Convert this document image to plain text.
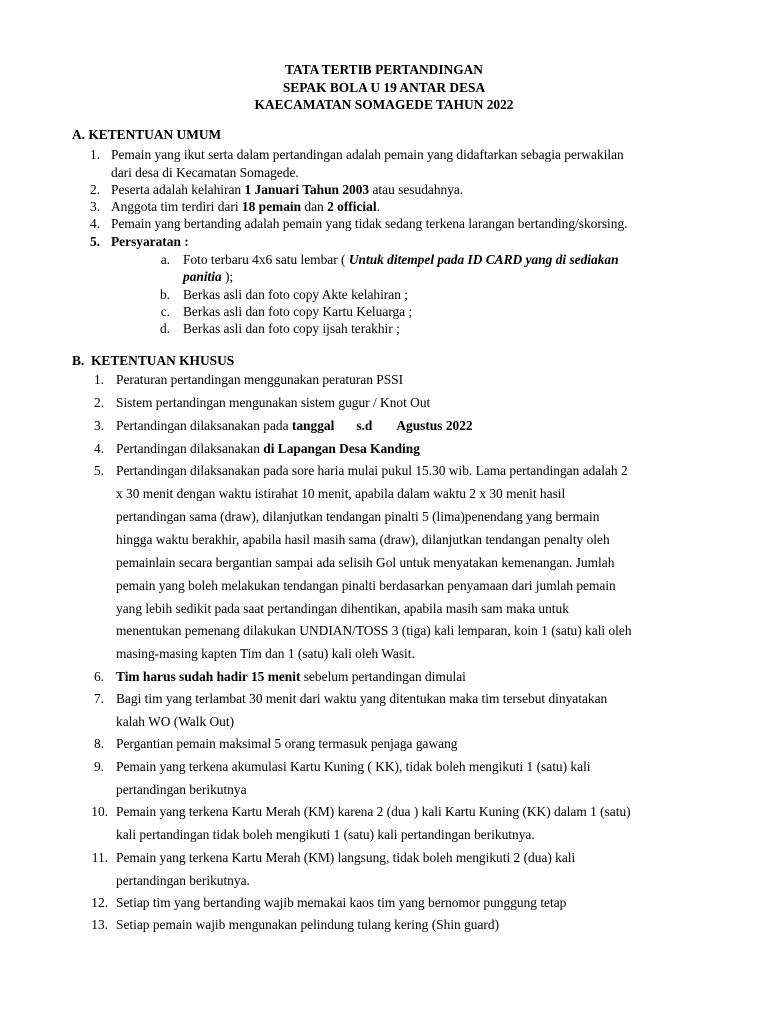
TATA TERTIB PERTANDINGAN
SEPAK BOLA U 19 ANTAR DESA
KAECAMATAN SOMAGEDE TAHUN 2022
A. KETENTUAN UMUM
1. Pemain yang ikut serta dalam pertandingan adalah pemain yang didaftarkan sebagia perwakilan
dari desa di Kecamatan Somagede.
2. Peserta adalah kelahiran 1 Januari Tahun 2003 atau sesudahnya.
3. Anggota tim terdiri dari 18 pemain dan 2 official.
4. Pemain yang bertanding adalah pemain yang tidak sedang terkena larangan bertanding/skorsing.
5. Persyaratan :
a. Foto terbaru 4x6 satu lembar ( Untuk ditempel pada ID CARD yang di sediakan
panitia );
b. Berkas asli dan foto copy Akte kelahiran ;
c. Berkas asli dan foto copy Kartu Keluarga ;
d. Berkas asli dan foto copy ijsah terakhir ;
B.  KETENTUAN KHUSUS
1. Peraturan pertandingan menggunakan peraturan PSSI
2. Sistem pertandingan mengunakan sistem gugur / Knot Out
3. Pertandingan dilaksanakan pada tanggal s.d Agustus 2022
4. Pertandingan dilaksanakan di Lapangan Desa Kanding
5. Pertandingan dilaksanakan pada sore haria mulai pukul 15.30 wib. Lama pertandingan adalah 2
x 30 menit dengan waktu istirahat 10 menit, apabila dalam waktu 2 x 30 menit hasil
pertandingan sama (draw), dilanjutkan tendangan pinalti 5 (lima)penendang yang bermain
hingga waktu berakhir, apabila hasil masih sama (draw), dilanjutkan tendangan penalty oleh
pemainlain secara bergantian sampai ada selisih Gol untuk menyatakan kemenangan. Jumlah
pemain yang boleh melakukan tendangan pinalti berdasarkan penyamaan dari jumlah pemain
yang lebih sedikit pada saat pertandingan dihentikan, apabila masih sam maka untuk
menentukan pemenang dilakukan UNDIAN/TOSS 3 (tiga) kali lemparan, koin 1 (satu) kali oleh
masing-masing kapten Tim dan 1 (satu) kali oleh Wasit.
6. Tim harus sudah hadir 15 menit sebelum pertandingan dimulai
7. Bagi tim yang terlambat 30 menit dari waktu yang ditentukan maka tim tersebut dinyatakan
kalah WO (Walk Out)
8. Pergantian pemain maksimal 5 orang termasuk penjaga gawang
9. Pemain yang terkena akumulasi Kartu Kuning ( KK), tidak boleh mengikuti 1 (satu) kali
pertandingan berikutnya
10. Pemain yang terkena Kartu Merah (KM) karena 2 (dua ) kali Kartu Kuning (KK) dalam 1 (satu)
kali pertandingan tidak boleh mengikuti 1 (satu) kali pertandingan berikutnya.
11. Pemain yang terkena Kartu Merah (KM) langsung, tidak boleh mengikuti 2 (dua) kali
pertandingan berikutnya.
12. Setiap tim yang bertanding wajib memakai kaos tim yang bernomor punggung tetap
13. Setiap pemain wajib mengunakan pelindung tulang kering (Shin guard)
